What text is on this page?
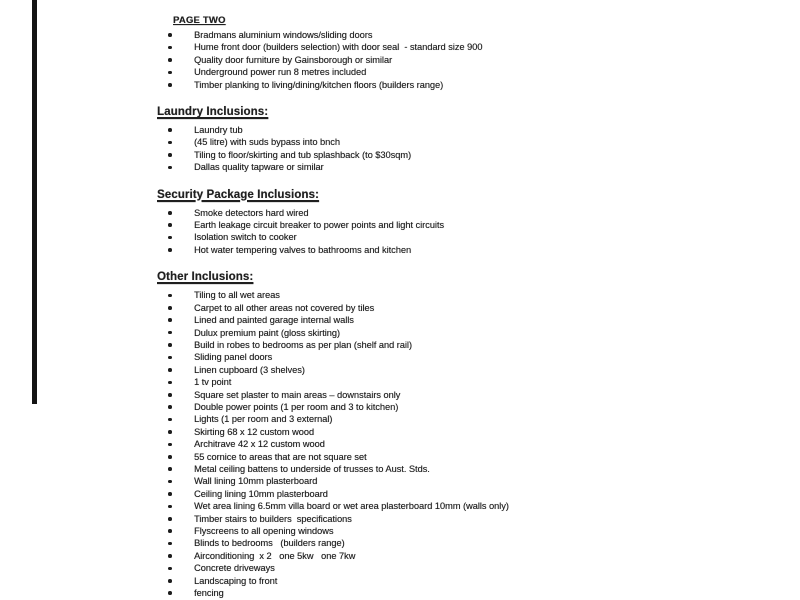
PAGE TWO
Bradmans aluminium windows/sliding doors
Hume front door (builders selection) with door seal  - standard size 900
Quality door furniture by Gainsborough or similar
Underground power run 8 metres included
Timber planking to living/dining/kitchen floors (builders range)
Laundry Inclusions:
Laundry tub
(45 litre) with suds bypass into bnch
Tiling to floor/skirting and tub splashback (to $30sqm)
Dallas quality tapware or similar
Security Package Inclusions:
Smoke detectors hard wired
Earth leakage circuit breaker to power points and light circuits
Isolation switch to cooker
Hot water tempering valves to bathrooms and kitchen
Other Inclusions:
Tiling to all wet areas
Carpet to all other areas not covered by tiles
Lined and painted garage internal walls
Dulux premium paint (gloss skirting)
Build in robes to bedrooms as per plan (shelf and rail)
Sliding panel doors
Linen cupboard (3 shelves)
1 tv point
Square set plaster to main areas – downstairs only
Double power points (1 per room and 3 to kitchen)
Lights (1 per room and 3 external)
Skirting 68 x 12 custom wood
Architrave 42 x 12 custom wood
55 cornice to areas that are not square set
Metal ceiling battens to underside of trusses to Aust. Stds.
Wall lining 10mm plasterboard
Ceiling lining 10mm plasterboard
Wet area lining 6.5mm villa board or wet area plasterboard 10mm (walls only)
Timber stairs to builders  specifications
Flyscreens to all opening windows
Blinds to bedrooms   (builders range)
Airconditioning  x 2   one 5kw   one 7kw
Concrete driveways
Landscaping to front
fencing
